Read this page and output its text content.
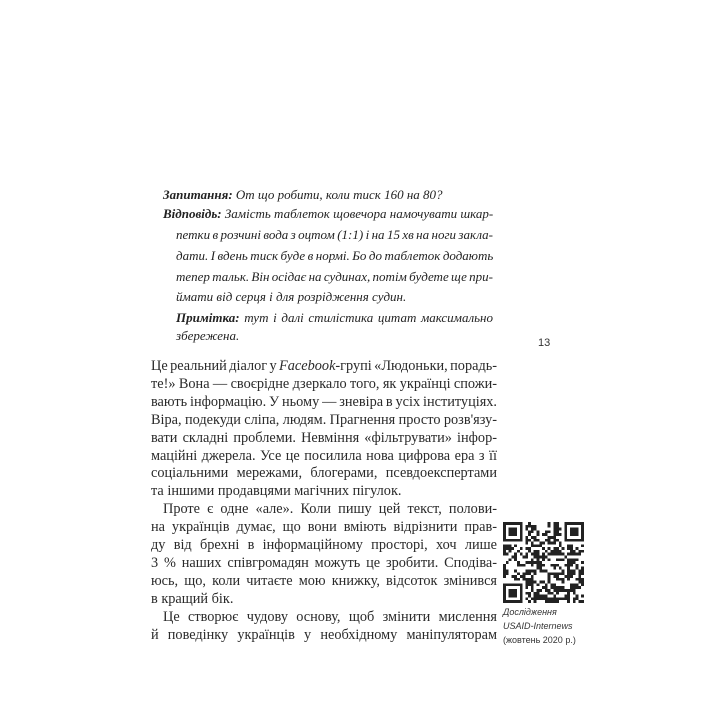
Запитання: От що робити, коли тиск 160 на 80?
Відповідь: Замість таблеток щовечора намочувати шкар-
петки в розчині вода з оцтом (1:1) і на 15 хв на ноги закла-
дати. І вдень тиск буде в нормі. Бо до таблеток додають
тепер тальк. Він осідає на судинах, потім будете ще при-
ймати від серця і для розрідження судин.
Примітка: тут і далі стилістика цитат максимально
збережена.	13
Це реальний діалог у Facebook-групі «Людоньки, порадь-
те!» Вона — своєрідне дзеркало того, як українці спожи-
вають інформацію. У ньому — зневіра в усіх інституціях.
Віра, подекуди сліпа, людям. Прагнення просто розв'язу-
вати складні проблеми. Невміння «фільтрувати» інфор-
маційні джерела. Усе це посилила нова цифрова ера з її
соціальними мережами, блогерами, псевдоекспертами
та іншими продавцями магічних пігулок.
Проте є одне «але». Коли пишу цей текст, полови-
на українців думає, що вони вміють відрізнити прав-
ду від брехні в інформаційному просторі, хоч лише
3 % наших співгромадян можуть це зробити. Сподіва-
юсь, що, коли читаєте мою книжку, відсоток змінився
в кращий бік.
Це створює чудову основу, щоб змінити мислення
й поведінку українців у необхідному маніпуляторам
Дослідження
USAID-Internews
(жовтень 2020 р.)
